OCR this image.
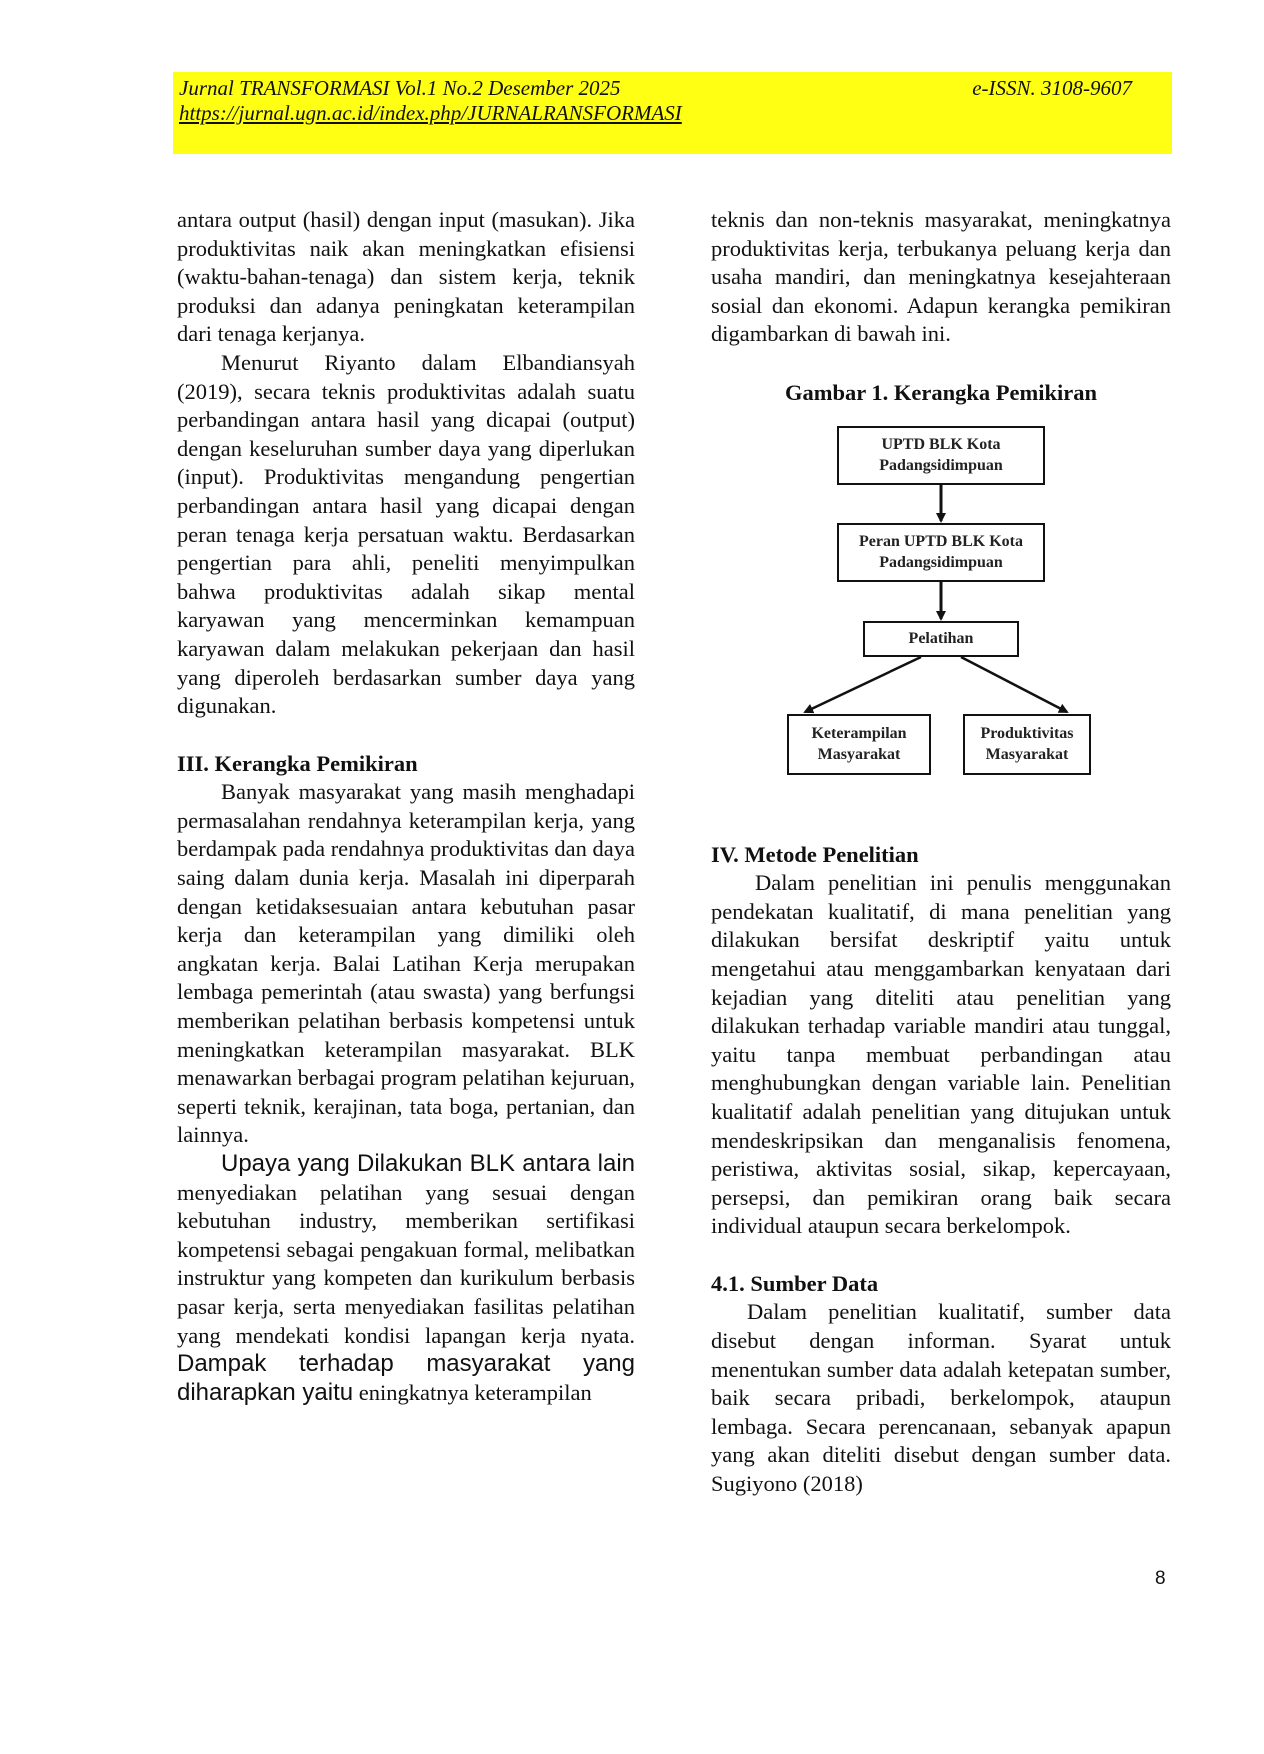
Jurnal TRANSFORMASI Vol.1 No.2 Desember 2025	e-ISSN. 3108-9607
https://jurnal.ugn.ac.id/index.php/JURNALRANSFORMASI

antara output (hasil) dengan input (masukan). Jika produktivitas naik akan meningkatkan efisiensi (waktu-bahan-tenaga) dan sistem kerja, teknik produksi dan adanya peningkatan keterampilan dari tenaga kerjanya.

Menurut Riyanto dalam Elbandiansyah (2019), secara teknis produktivitas adalah suatu perbandingan antara hasil yang dicapai (output) dengan keseluruhan sumber daya yang diperlukan (input). Produktivitas mengandung pengertian perbandingan antara hasil yang dicapai dengan peran tenaga kerja persatuan waktu. Berdasarkan pengertian para ahli, peneliti menyimpulkan bahwa produktivitas adalah sikap mental karyawan yang mencerminkan kemampuan karyawan dalam melakukan pekerjaan dan hasil yang diperoleh berdasarkan sumber daya yang digunakan.

III. Kerangka Pemikiran

Banyak masyarakat yang masih menghadapi permasalahan rendahnya keterampilan kerja, yang berdampak pada rendahnya produktivitas dan daya saing dalam dunia kerja. Masalah ini diperparah dengan ketidaksesuaian antara kebutuhan pasar kerja dan keterampilan yang dimiliki oleh angkatan kerja. Balai Latihan Kerja merupakan lembaga pemerintah (atau swasta) yang berfungsi memberikan pelatihan berbasis kompetensi untuk meningkatkan keterampilan masyarakat. BLK menawarkan berbagai program pelatihan kejuruan, seperti teknik, kerajinan, tata boga, pertanian, dan lainnya.

Upaya yang Dilakukan BLK antara lain menyediakan pelatihan yang sesuai dengan kebutuhan industry, memberikan sertifikasi kompetensi sebagai pengakuan formal, melibatkan instruktur yang kompeten dan kurikulum berbasis pasar kerja, serta menyediakan fasilitas pelatihan yang mendekati kondisi lapangan kerja nyata. Dampak terhadap masyarakat yang diharapkan yaitu eningkatnya keterampilan

teknis dan non-teknis masyarakat, meningkatnya produktivitas kerja, terbukanya peluang kerja dan usaha mandiri, dan meningkatnya kesejahteraan sosial dan ekonomi. Adapun kerangka pemikiran digambarkan di bawah ini.

Gambar 1. Kerangka Pemikiran

UPTD BLK Kota Padangsidimpuan
Peran UPTD BLK Kota Padangsidimpuan
Pelatihan
Keterampilan Masyarakat
Produktivitas Masyarakat
IV. Metode Penelitian

Dalam penelitian ini penulis menggunakan pendekatan kualitatif, di mana penelitian yang dilakukan bersifat deskriptif yaitu untuk mengetahui atau menggambarkan kenyataan dari kejadian yang diteliti atau penelitian yang dilakukan terhadap variable mandiri atau tunggal, yaitu tanpa membuat perbandingan atau menghubungkan dengan variable lain. Penelitian kualitatif adalah penelitian yang ditujukan untuk mendeskripsikan dan menganalisis fenomena, peristiwa, aktivitas sosial, sikap, kepercayaan, persepsi, dan pemikiran orang baik secara individual ataupun secara berkelompok.

4.1. Sumber Data

Dalam penelitian kualitatif, sumber data disebut dengan informan. Syarat untuk menentukan sumber data adalah ketepatan sumber, baik secara pribadi, berkelompok, ataupun lembaga. Secara perencanaan, sebanyak apapun yang akan diteliti disebut dengan sumber data. Sugiyono (2018)

8
